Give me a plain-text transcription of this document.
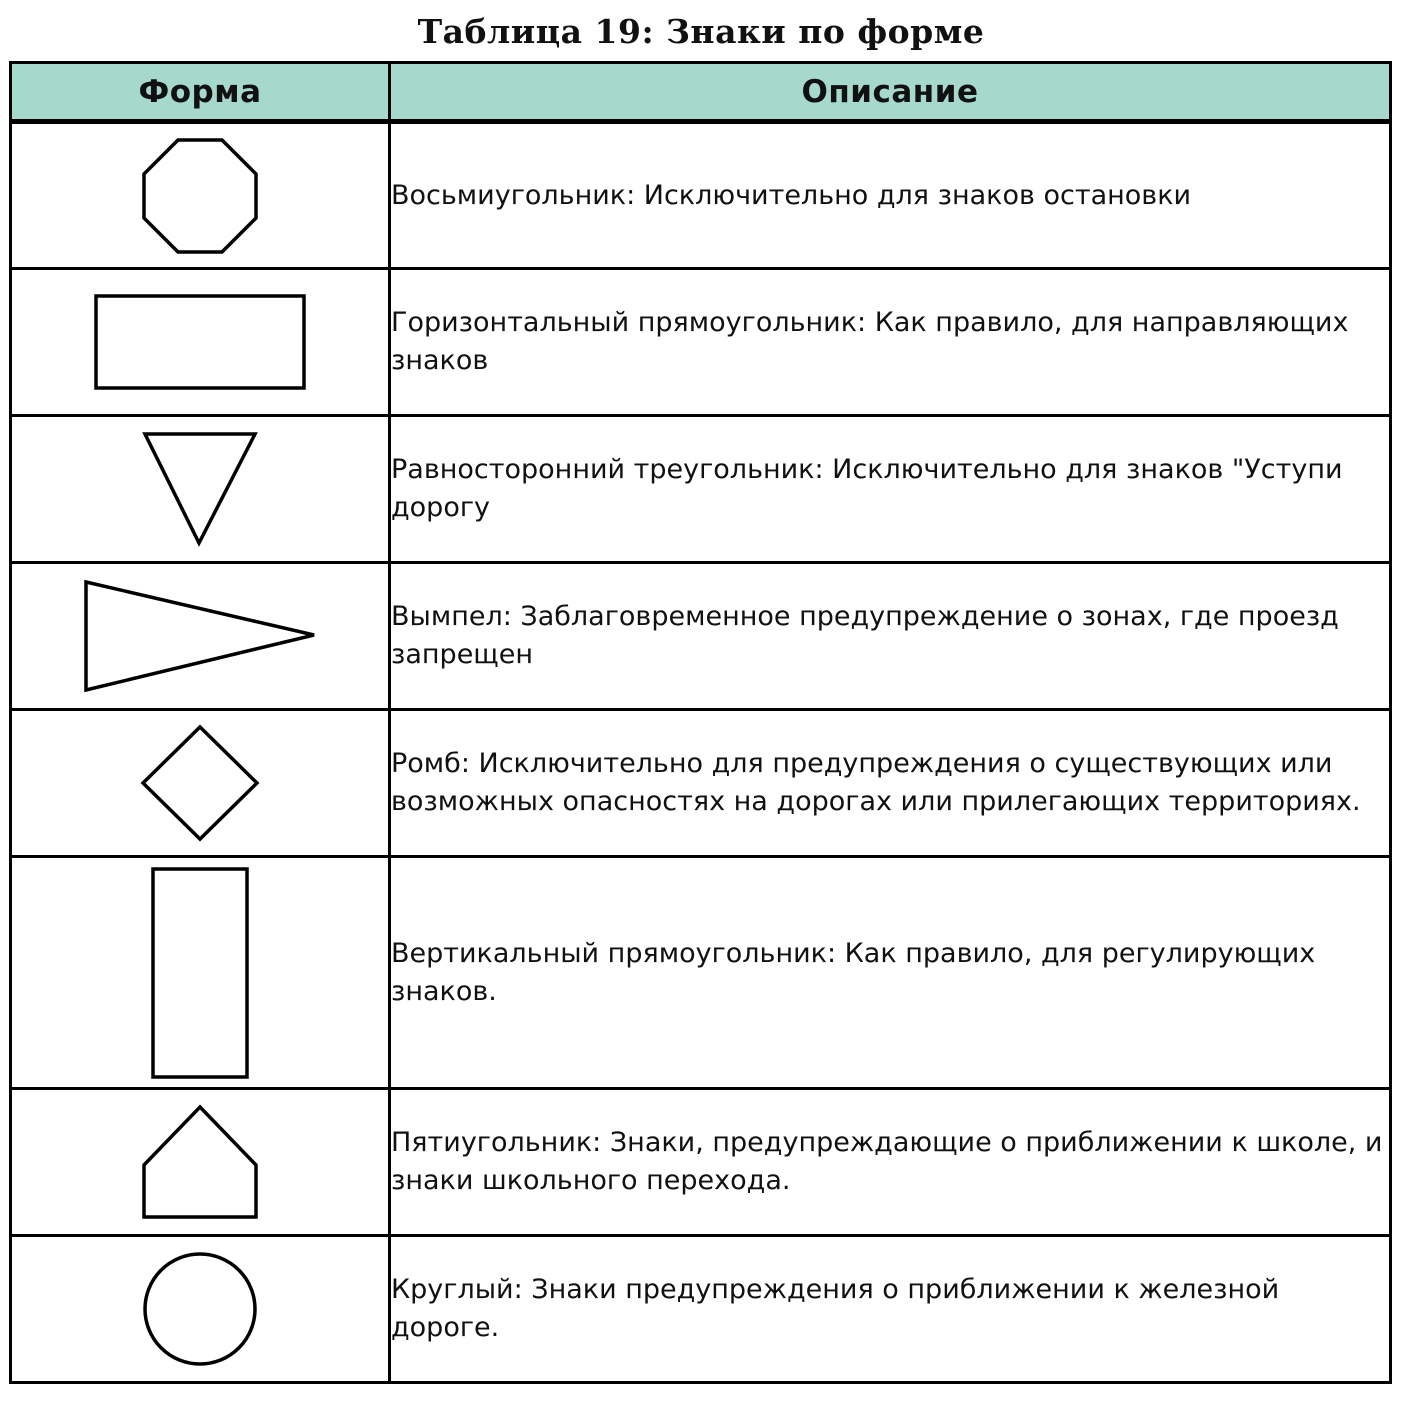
Таблица 19: Знаки по форме
Форма	Описание

Восьмиугольник: Исключительно для знаков остановки

Горизонтальный прямоугольник: Как правило, для направляющих знаков

Равносторонний треугольник: Исключительно для знаков "Уступи дорогу

Вымпел: Заблаговременное предупреждение о зонах, где проезд запрещен

Ромб: Исключительно для предупреждения о существующих или возможных опасностях на дорогах или прилегающих территориях.

Вертикальный прямоугольник: Как правило, для регулирующих знаков.

Пятиугольник: Знаки, предупреждающие о приближении к школе, и знаки школьного перехода.

Круглый: Знаки предупреждения о приближении к железной дороге.
